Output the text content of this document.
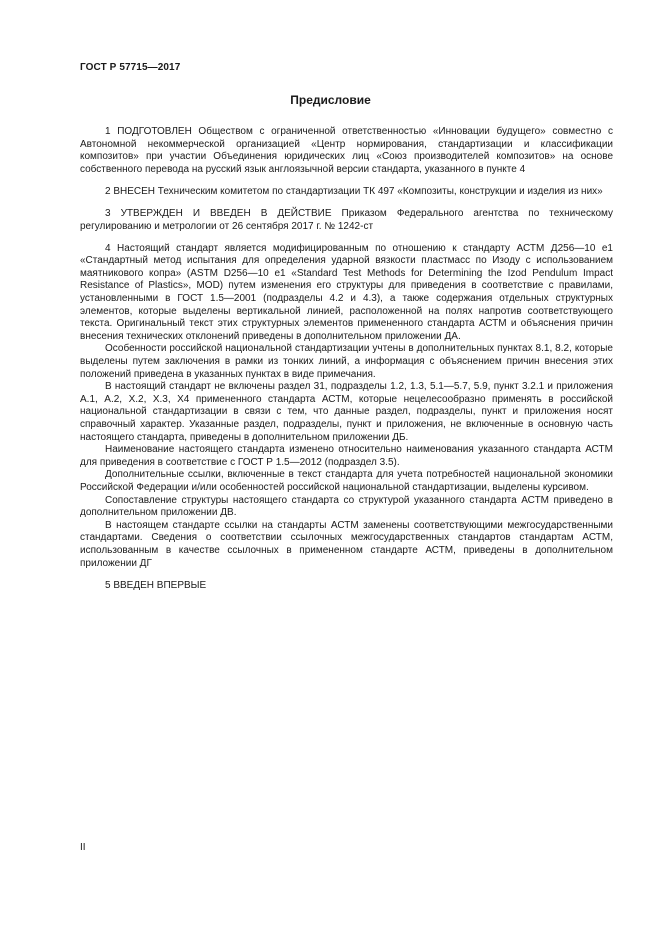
ГОСТ Р 57715—2017
Предисловие

1 ПОДГОТОВЛЕН Обществом с ограниченной ответственностью «Инновации будущего» совместно с Автономной некоммерческой организацией «Центр нормирования, стандартизации и классификации композитов» при участии Объединения юридических лиц «Союз производителей композитов» на основе собственного перевода на русский язык англоязычной версии стандарта, указанного в пункте 4

2 ВНЕСЕН Техническим комитетом по стандартизации ТК 497 «Композиты, конструкции и изделия из них»

3 УТВЕРЖДЕН И ВВЕДЕН В ДЕЙСТВИЕ Приказом Федерального агентства по техническому регулированию и метрологии от 26 сентября 2017 г. № 1242-ст

4 Настоящий стандарт является модифицированным по отношению к стандарту АСТМ Д256—10 е1 «Стандартный метод испытания для определения ударной вязкости пластмасс по Изоду с использованием маятникового копра» (ASTM D256—10 e1 «Standard Test Methods for Determining the Izod Pendulum Impact Resistance of Plastics», MOD) путем изменения его структуры для приведения в соответствие с правилами, установленными в ГОСТ 1.5—2001 (подразделы 4.2 и 4.3), а также содержания отдельных структурных элементов, которые выделены вертикальной линией, расположенной на полях напротив соответствующего текста. Оригинальный текст этих структурных элементов примененного стандарта АСТМ и объяснения причин внесения технических отклонений приведены в дополнительном приложении ДА.

Особенности российской национальной стандартизации учтены в дополнительных пунктах 8.1, 8.2, которые выделены путем заключения в рамки из тонких линий, а информация с объяснением причин внесения этих положений приведена в указанных пунктах в виде примечания.

В настоящий стандарт не включены раздел 31, подразделы 1.2, 1.3, 5.1—5.7, 5.9, пункт 3.2.1 и приложения А.1, А.2, Х.2, Х.3, Х4 примененного стандарта АСТМ, которые нецелесообразно применять в российской национальной стандартизации в связи с тем, что данные раздел, подразделы, пункт и приложения носят справочный характер. Указанные раздел, подразделы, пункт и приложения, не включенные в основную часть настоящего стандарта, приведены в дополнительном приложении ДБ.

Наименование настоящего стандарта изменено относительно наименования указанного стандарта АСТМ для приведения в соответствие с ГОСТ Р 1.5—2012 (подраздел 3.5).

Дополнительные ссылки, включенные в текст стандарта для учета потребностей национальной экономики Российской Федерации и/или особенностей российской национальной стандартизации, выделены курсивом.

Сопоставление структуры настоящего стандарта со структурой указанного стандарта АСТМ приведено в дополнительном приложении ДВ.

В настоящем стандарте ссылки на стандарты АСТМ заменены соответствующими межгосударственными стандартами. Сведения о соответствии ссылочных межгосударственных стандартов стандартам АСТМ, использованным в качестве ссылочных в примененном стандарте АСТМ, приведены в дополнительном приложении ДГ

5 ВВЕДЕН ВПЕРВЫЕ

II
